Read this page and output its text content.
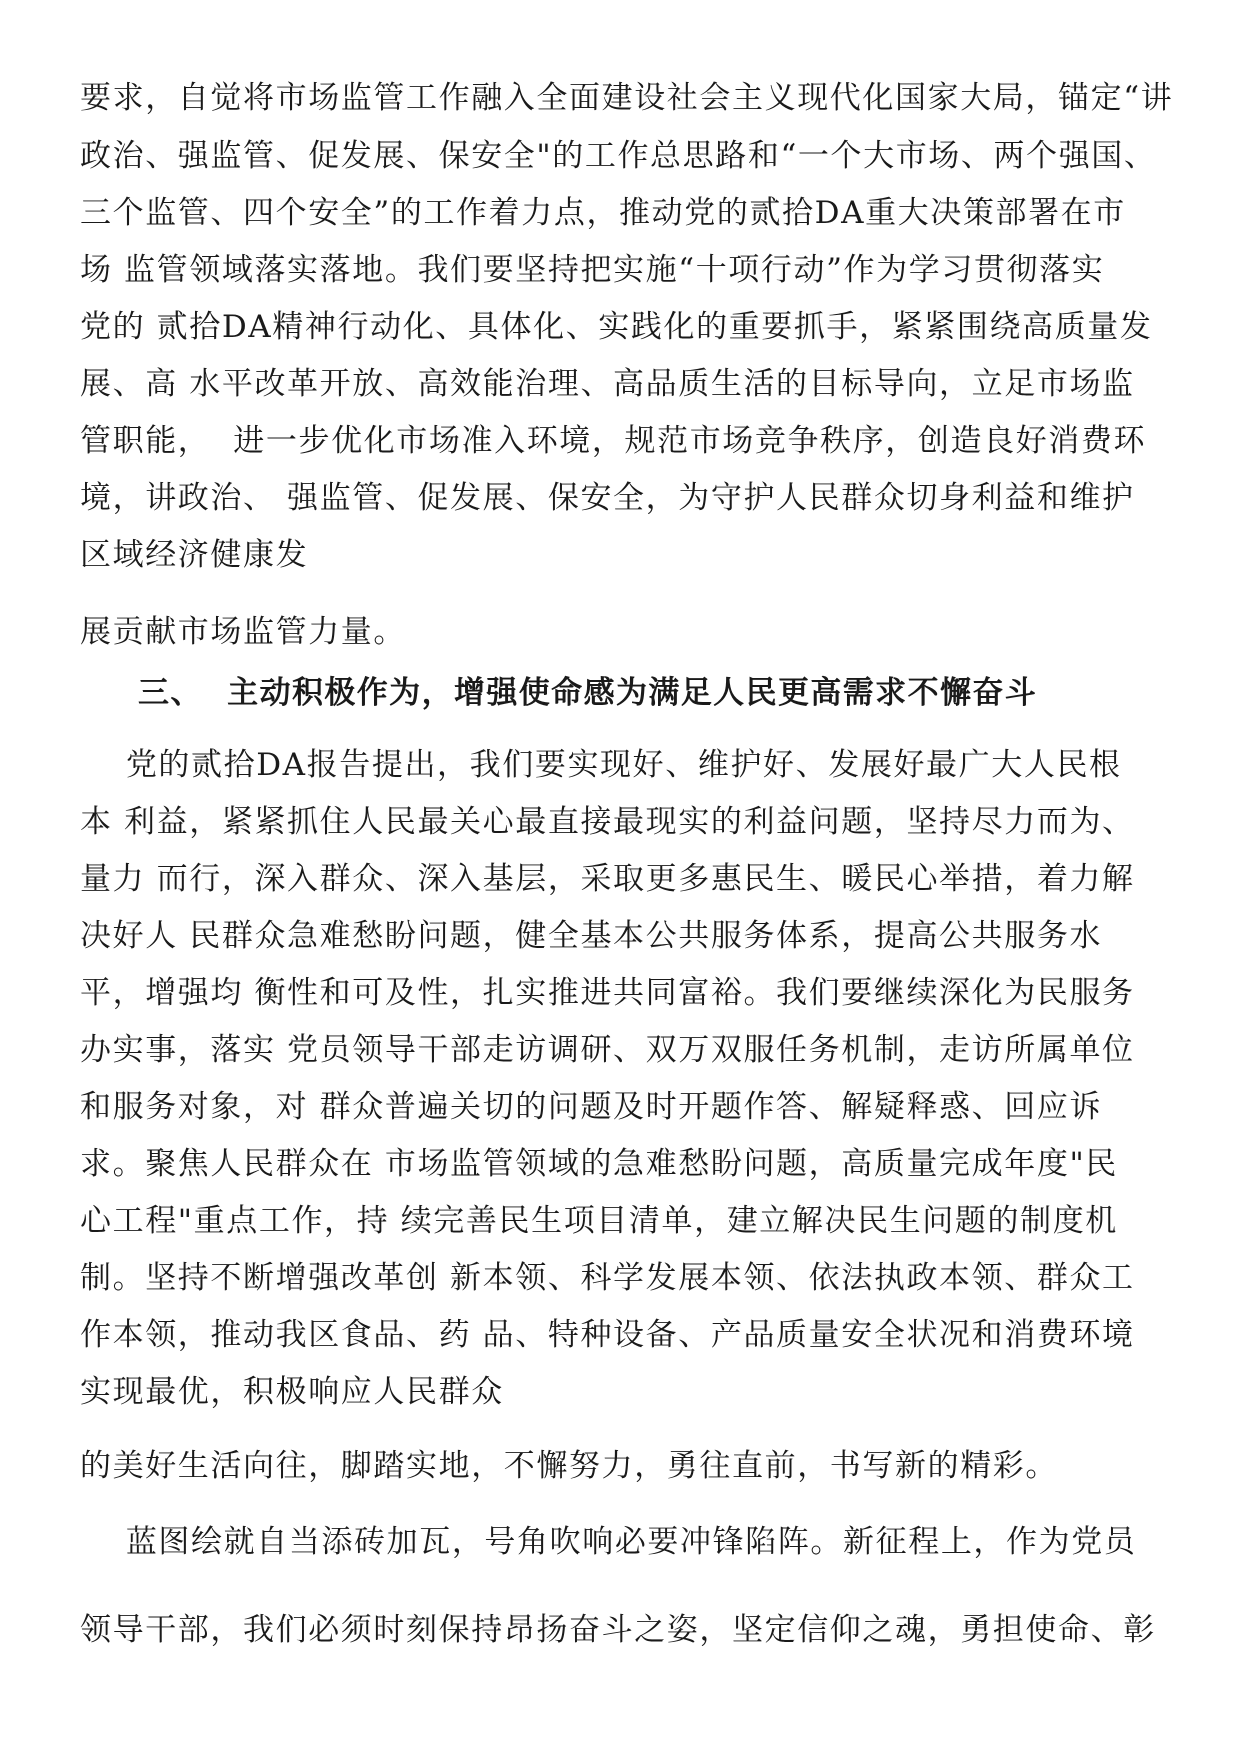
要求，自觉将市场监管工作融入全面建设社会主义现代化国家大局，锚定“讲
政治、强监管、促发展、保安全"的工作总思路和“一个大市场、两个强国、
三个监管、四个安全”的工作着力点，推动党的贰拾DA重大决策部署在市
场 监管领域落实落地。我们要坚持把实施“十项行动”作为学习贯彻落实
党的 贰拾DA精神行动化、具体化、实践化的重要抓手，紧紧围绕高质量发
展、高 水平改革开放、高效能治理、高品质生活的目标导向，立足市场监
管职能，  进一步优化市场准入环境，规范市场竞争秩序，创造良好消费环
境，讲政治、 强监管、促发展、保安全，为守护人民群众切身利益和维护
区域经济健康发
展贡献市场监管力量。
三、  主动积极作为，增强使命感为满足人民更高需求不懈奋斗
党的贰拾DA报告提出，我们要实现好、维护好、发展好最广大人民根
本 利益，紧紧抓住人民最关心最直接最现实的利益问题，坚持尽力而为、
量力 而行，深入群众、深入基层，采取更多惠民生、暖民心举措，着力解
决好人 民群众急难愁盼问题，健全基本公共服务体系，提高公共服务水
平，增强均 衡性和可及性，扎实推进共同富裕。我们要继续深化为民服务
办实事，落实 党员领导干部走访调研、双万双服任务机制，走访所属单位
和服务对象，对 群众普遍关切的问题及时开题作答、解疑释惑、回应诉
求。聚焦人民群众在 市场监管领域的急难愁盼问题，高质量完成年度"民
心工程"重点工作，持 续完善民生项目清单，建立解决民生问题的制度机
制。坚持不断增强改革创 新本领、科学发展本领、依法执政本领、群众工
作本领，推动我区食品、药 品、特种设备、产品质量安全状况和消费环境
实现最优，积极响应人民群众
的美好生活向往，脚踏实地，不懈努力，勇往直前，书写新的精彩。
蓝图绘就自当添砖加瓦，号角吹响必要冲锋陷阵。新征程上，作为党员
领导干部，我们必须时刻保持昂扬奋斗之姿，坚定信仰之魂，勇担使命、彰
